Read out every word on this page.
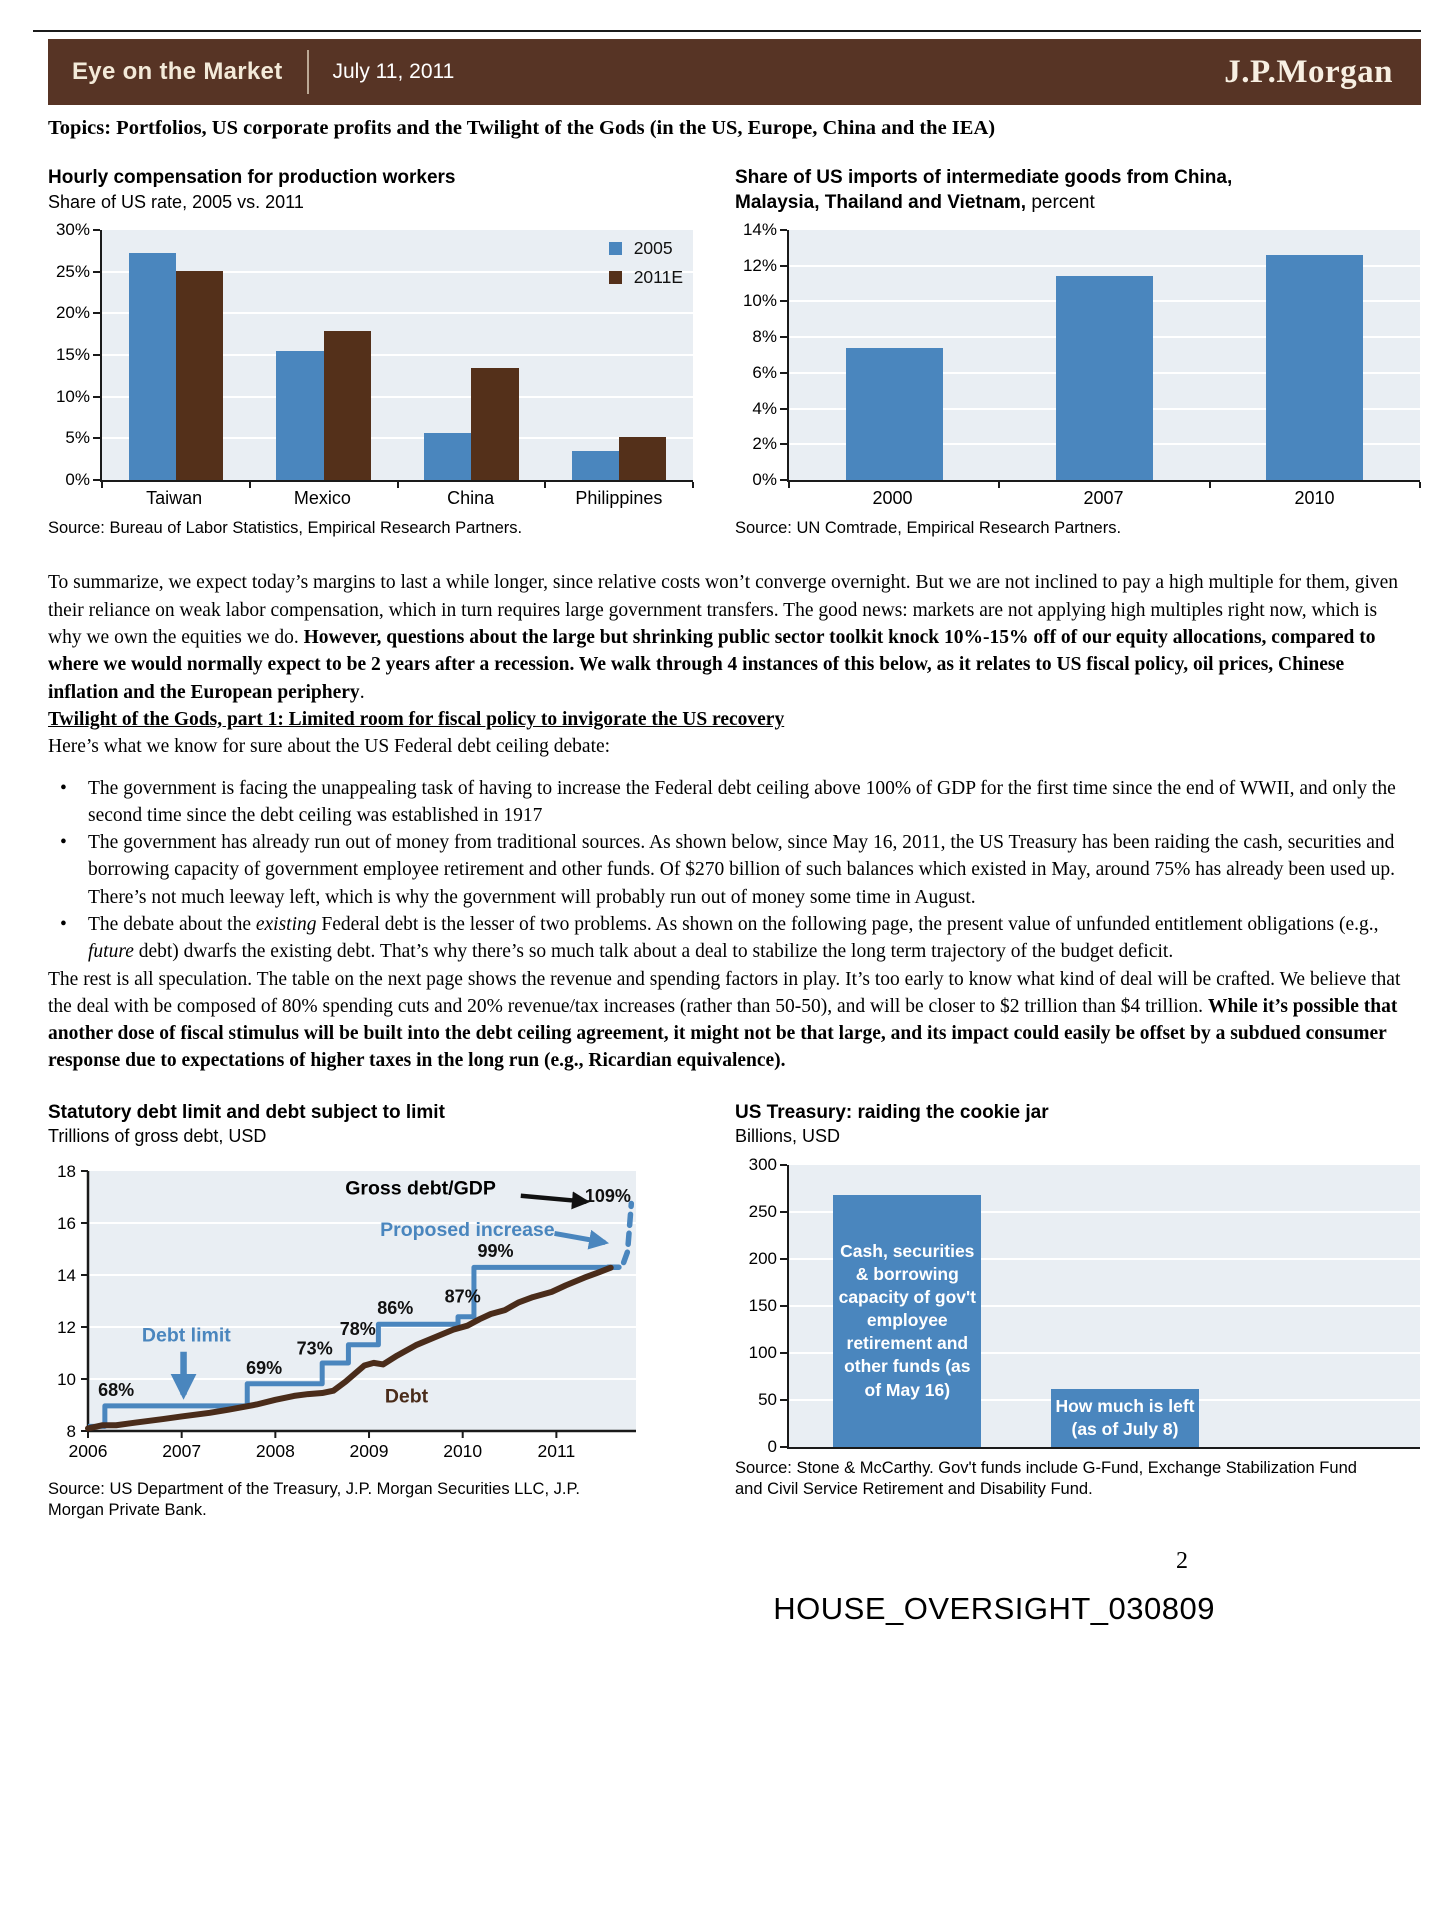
Eye on the Market July 11, 2011	J.P.Morgan
Topics: Portfolios, US corporate profits and the Twilight of the Gods (in the US, Europe, China and the IEA)
Hourly compensation for production workers
Share of US rate, 2005 vs. 2011
0%
5%
10%
15%
20%
25%
30%
2005
2011E
Taiwan	Mexico	China	Philippines
Source: Bureau of Labor Statistics, Empirical Research Partners.
Share of US imports of intermediate goods from China, Malaysia, Thailand and Vietnam, percent
0%
2%
4%
6%
8%
10%
12%
14%
2000	2007	2010
Source: UN Comtrade, Empirical Research Partners.

To summarize, we expect today’s margins to last a while longer, since relative costs won’t converge overnight. But we are not inclined to pay a high multiple for them, given their reliance on weak labor compensation, which in turn requires large government transfers. The good news: markets are not applying high multiples right now, which is why we own the equities we do. However, questions about the large but shrinking public sector toolkit knock 10%-15% off of our equity allocations, compared to where we would normally expect to be 2 years after a recession. We walk through 4 instances of this below, as it relates to US fiscal policy, oil prices, Chinese inflation and the European periphery.

Twilight of the Gods, part 1: Limited room for fiscal policy to invigorate the US recovery

Here’s what we know for sure about the US Federal debt ceiling debate:

• The government is facing the unappealing task of having to increase the Federal debt ceiling above 100% of GDP for the first time since the end of WWII, and only the second time since the debt ceiling was established in 1917
• The government has already run out of money from traditional sources. As shown below, since May 16, 2011, the US Treasury has been raiding the cash, securities and borrowing capacity of government employee retirement and other funds. Of $270 billion of such balances which existed in May, around 75% has already been used up. There’s not much leeway left, which is why the government will probably run out of money some time in August.
• The debate about the existing Federal debt is the lesser of two problems. As shown on the following page, the present value of unfunded entitlement obligations (e.g., future debt) dwarfs the existing debt. That’s why there’s so much talk about a deal to stabilize the long term trajectory of the budget deficit.

The rest is all speculation. The table on the next page shows the revenue and spending factors in play. It’s too early to know what kind of deal will be crafted. We believe that the deal with be composed of 80% spending cuts and 20% revenue/tax increases (rather than 50-50), and will be closer to $2 trillion than $4 trillion. While it’s possible that another dose of fiscal stimulus will be built into the debt ceiling agreement, it might not be that large, and its impact could easily be offset by a subdued consumer response due to expectations of higher taxes in the long run (e.g., Ricardian equivalence).

Statutory debt limit and debt subject to limit
Trillions of gross debt, USD
8
10
12
14
16
18
2006	2007	2008	2009	2010	2011
68%
69%
73%
78%
86%
87%
99%
109%
Gross debt/GDP
Proposed increase
Debt limit
Debt
Source: US Department of the Treasury, J.P. Morgan Securities LLC, J.P. Morgan Private Bank.
US Treasury: raiding the cookie jar
Billions, USD
0
50
100
150
200
250
300
Cash, securities & borrowing capacity of gov't employee retirement and other funds (as of May 16)
How much is left (as of July 8)
Source: Stone & McCarthy. Gov't funds include G-Fund, Exchange Stabilization Fund and Civil Service Retirement and Disability Fund.
2
HOUSE_OVERSIGHT_030809
